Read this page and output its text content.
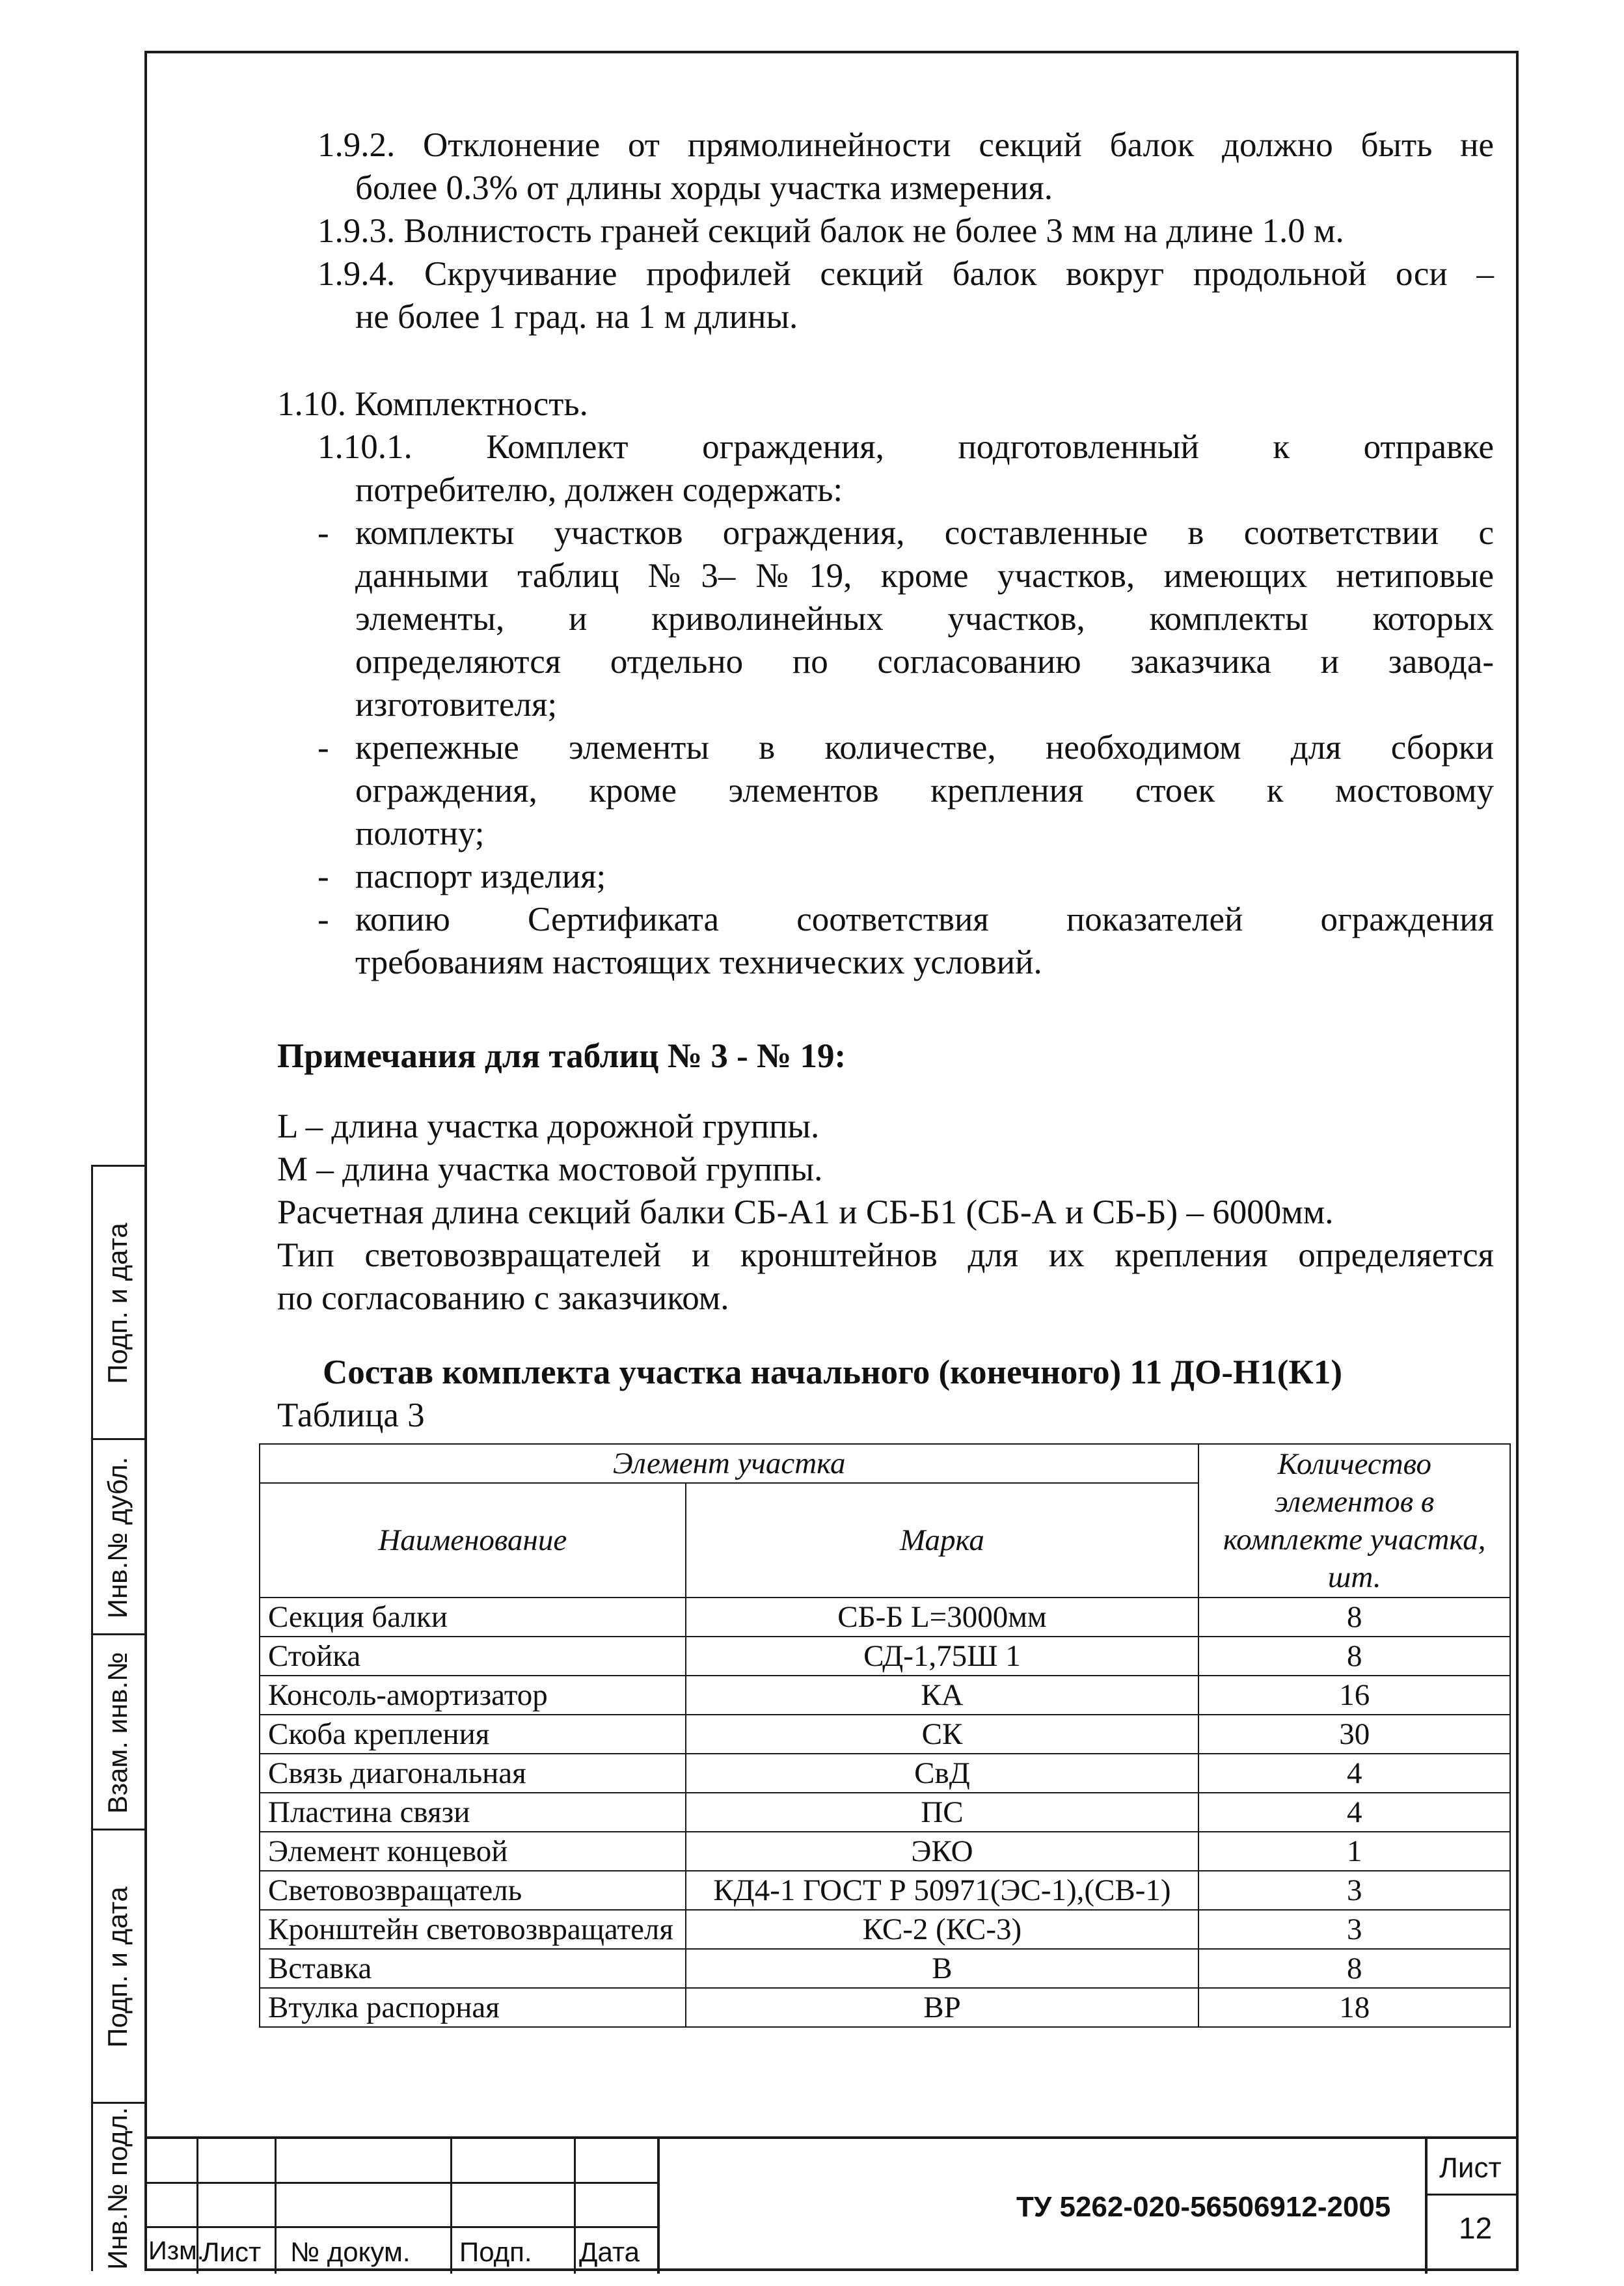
Подп. и дата
Инв.№ дубл.
Взам. инв.№
Подп. и дата
Инв.№ подл.
1.9.2. Отклонение от прямолинейности секций балок должно быть не
более 0.3% от длины хорды участка измерения.
1.9.3. Волнистость граней секций балок не более 3 мм на длине 1.0 м.
1.9.4. Скручивание профилей секций балок вокруг продольной оси –
не более 1 град. на 1 м длины.
1.10. Комплектность.
1.10.1. Комплект ограждения, подготовленный к отправке
потребителю, должен содержать:
- комплекты участков ограждения, составленные в соответствии с
данными таблиц №3–№19, кроме участков, имеющих нетиповые
элементы, и криволинейных участков, комплекты которых
определяются отдельно по согласованию заказчика и завода-
изготовителя;
- крепежные элементы в количестве, необходимом для сборки
ограждения, кроме элементов крепления стоек к мостовому
полотну;
- паспорт изделия;
- копию Сертификата соответствия показателей ограждения
требованиям настоящих технических условий.
Примечания для таблиц № 3 - № 19:
L – длина участка дорожной группы.
М – длина участка мостовой группы.
Расчетная длина секций балки СБ-А1 и СБ-Б1 (СБ-А и СБ-Б) – 6000мм.
Тип световозвращателей и кронштейнов для их крепления определяется
по согласованию с заказчиком.
Состав комплекта участка начального (конечного) 11 ДО-Н1(К1)
Таблица 3
Элемент участка		Количество элементов в комплекте участка, шт.
Наименование	Марка	
Секция балки	СБ-Б L=3000мм	8
Стойка	СД-1,75Ш 1	8
Консоль-амортизатор	КА	16
Скоба крепления	СК	30
Связь диагональная	СвД	4
Пластина связи	ПС	4
Элемент концевой	ЭКО	1
Световозвращатель	КД4-1 ГОСТ Р 50971(ЭС-1),(СВ-1)	3
Кронштейн световозвращателя	КС-2 (КС-3)	3
Вставка	В	8
Втулка распорная	ВР	18
Изм.
Лист № докум. Подп. Дата
ТУ 5262-020-56506912-2005
Лист
12
